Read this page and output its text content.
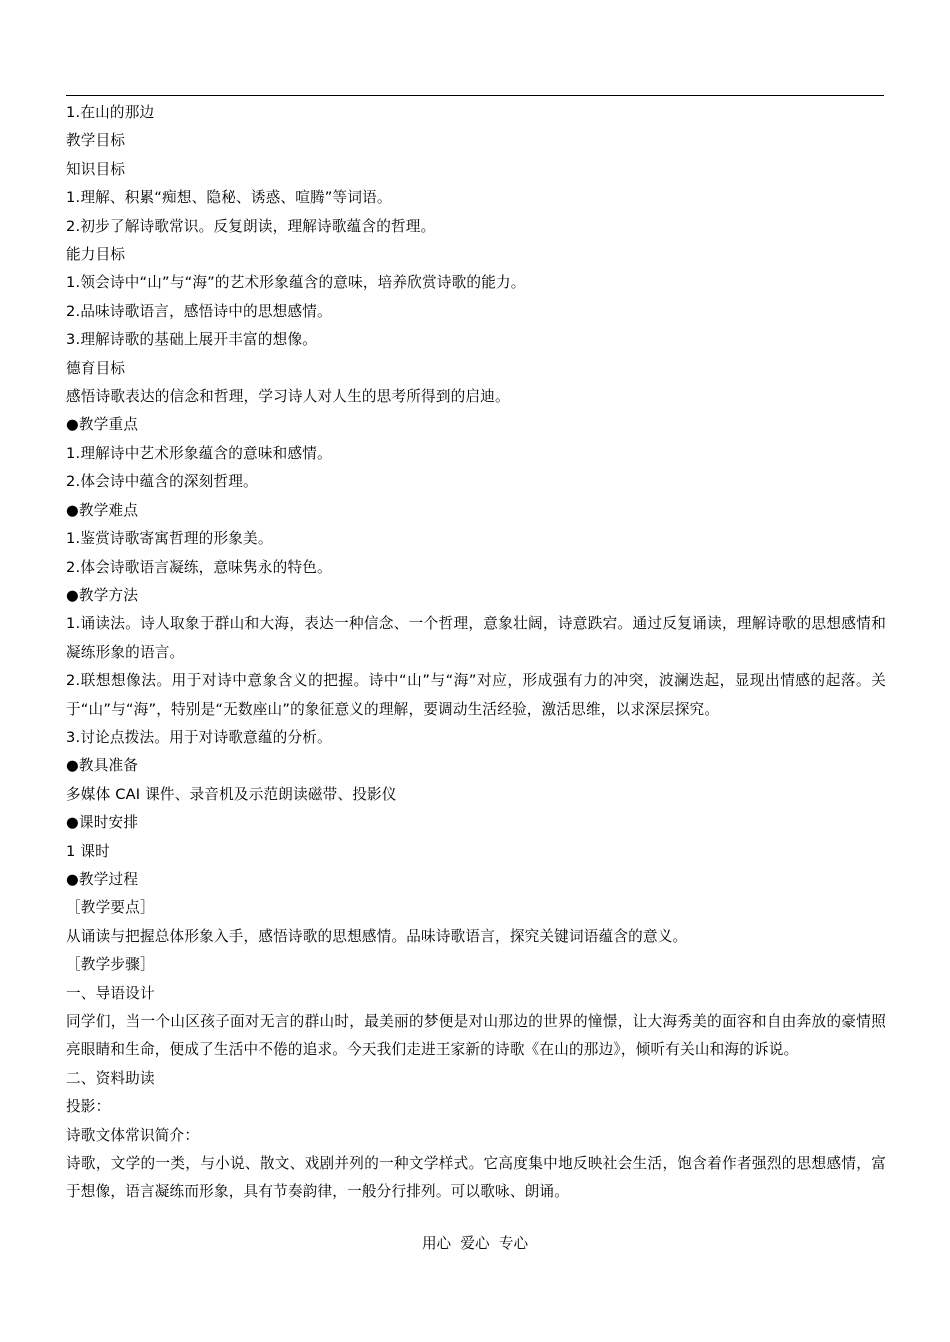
1.在山的那边

教学目标

知识目标

1.理解、积累“痴想、隐秘、诱惑、喧腾”等词语。

2.初步了解诗歌常识。反复朗读，理解诗歌蕴含的哲理。

能力目标

1.领会诗中“山”与“海”的艺术形象蕴含的意味，培养欣赏诗歌的能力。

2.品味诗歌语言，感悟诗中的思想感情。

3.理解诗歌的基础上展开丰富的想像。

德育目标

感悟诗歌表达的信念和哲理，学习诗人对人生的思考所得到的启迪。

●教学重点

1.理解诗中艺术形象蕴含的意味和感情。

2.体会诗中蕴含的深刻哲理。

●教学难点

1.鉴赏诗歌寄寓哲理的形象美。

2.体会诗歌语言凝练，意味隽永的特色。

●教学方法

1.诵读法。诗人取象于群山和大海，表达一种信念、一个哲理，意象壮阔，诗意跌宕。通过反复诵读，理解诗歌的思想感情和凝练形象的语言。

2.联想想像法。用于对诗中意象含义的把握。诗中“山”与“海”对应，形成强有力的冲突，波澜迭起，显现出情感的起落。关于“山”与“海”，特别是“无数座山”的象征意义的理解，要调动生活经验，激活思维，以求深层探究。

3.讨论点拨法。用于对诗歌意蕴的分析。

●教具准备

多媒体 CAI 课件、录音机及示范朗读磁带、投影仪

●课时安排

1 课时

●教学过程

［教学要点］

从诵读与把握总体形象入手，感悟诗歌的思想感情。品味诗歌语言，探究关键词语蕴含的意义。

［教学步骤］

一、导语设计

同学们，当一个山区孩子面对无言的群山时，最美丽的梦便是对山那边的世界的憧憬，让大海秀美的面容和自由奔放的豪情照亮眼睛和生命，便成了生活中不倦的追求。今天我们走进王家新的诗歌《在山的那边》，倾听有关山和海的诉说。

二、资料助读

投影：

诗歌文体常识简介：

诗歌，文学的一类，与小说、散文、戏剧并列的一种文学样式。它高度集中地反映社会生活，饱含着作者强烈的思想感情，富于想像，语言凝练而形象，具有节奏韵律，一般分行排列。可以歌咏、朗诵。

用心  爱心  专心
